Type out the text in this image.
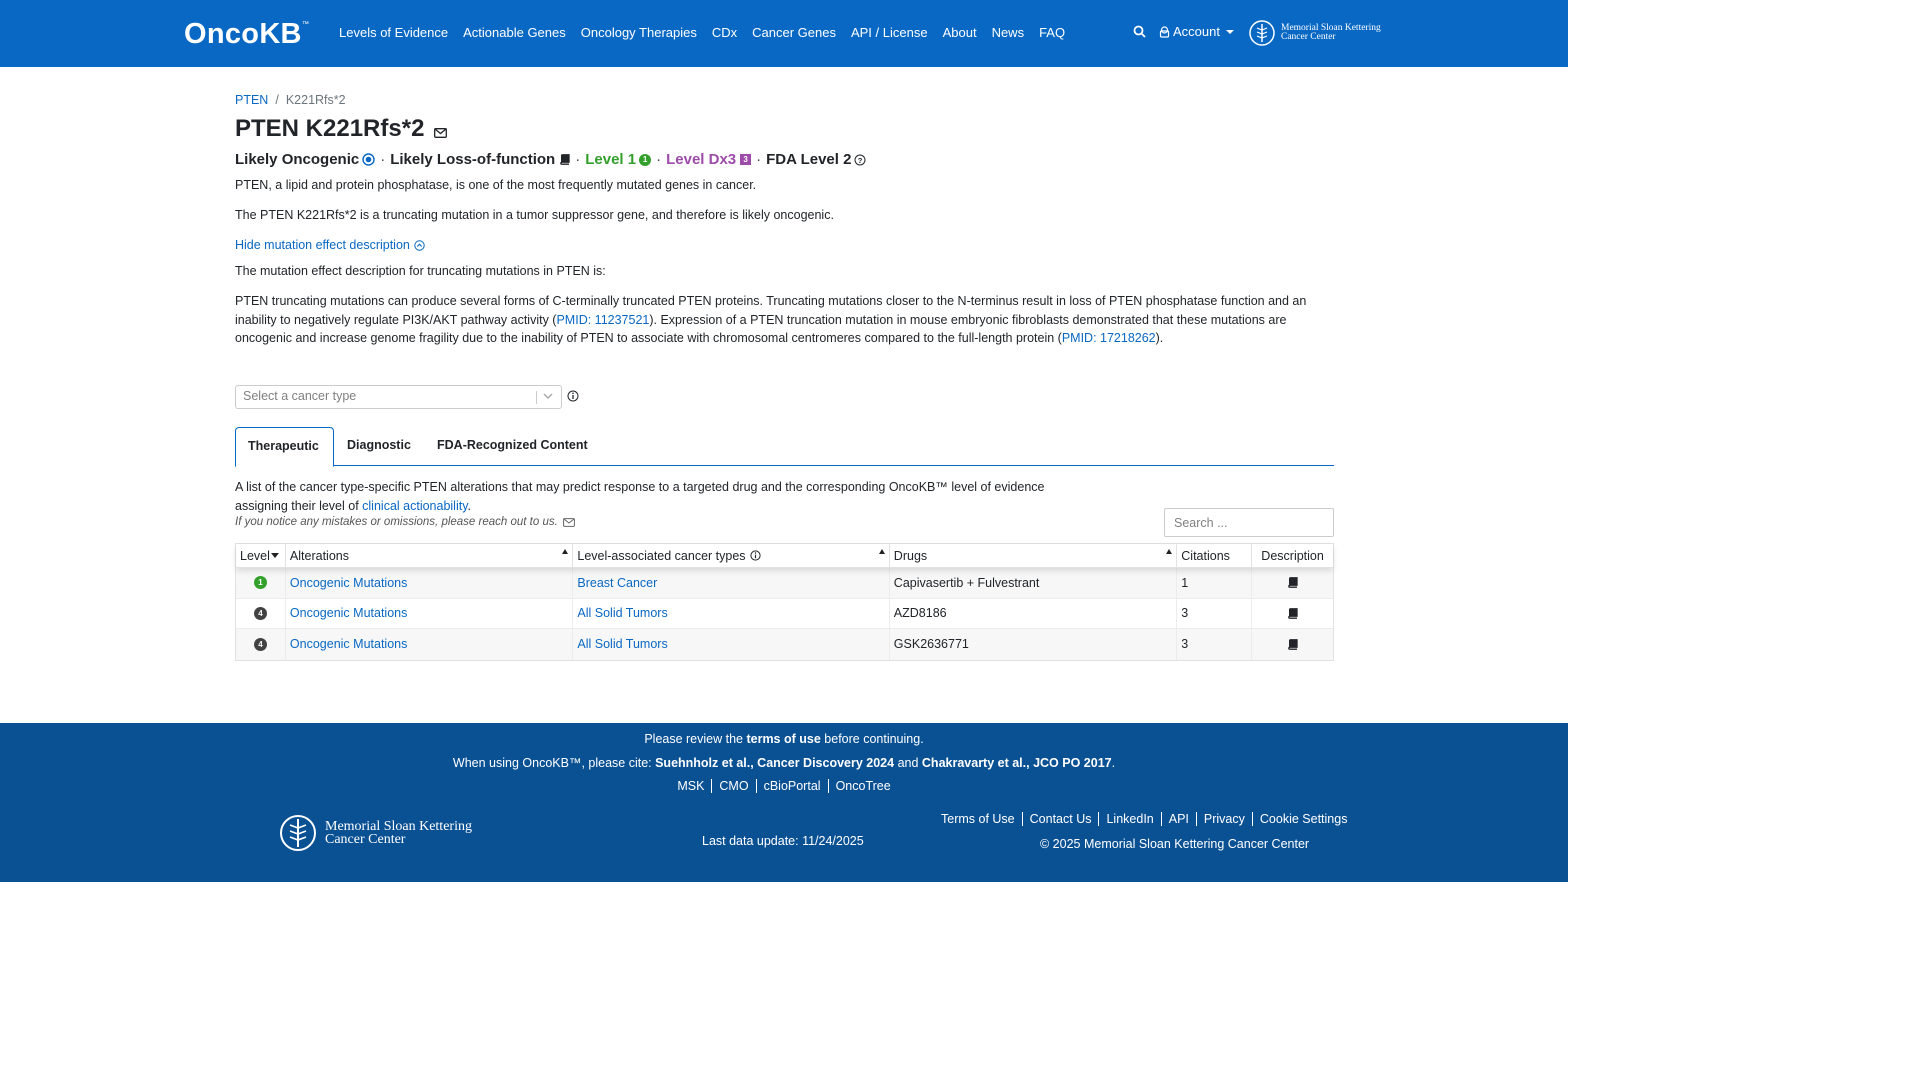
OncoKB™
Levels of Evidence Actionable Genes Oncology Therapies CDx Cancer Genes API / License About News FAQ	Account	Memorial Sloan Kettering
Cancer Center
PTEN / K221Rfs*2
PTEN K221Rfs*2
Likely Oncogenic · Likely Loss-of-function · Level 1 1 · Level Dx3 3 · FDA Level 2 ?
PTEN, a lipid and protein phosphatase, is one of the most frequently mutated genes in cancer.
The PTEN K221Rfs*2 is a truncating mutation in a tumor suppressor gene, and therefore is likely oncogenic.
Hide mutation effect description
The mutation effect description for truncating mutations in PTEN is:
PTEN truncating mutations can produce several forms of C-terminally truncated PTEN proteins. Truncating mutations closer to the N-terminus result in loss of PTEN phosphatase function and an inability to negatively regulate PI3K/AKT pathway activity (PMID: 11237521). Expression of a PTEN truncation mutation in mouse embryonic fibroblasts demonstrated that these mutations are oncogenic and increase genome fragility due to the inability of PTEN to associate with chromosomal centromeres compared to the full-length protein (PMID: 17218262).
Select a cancer type
Therapeutic	Diagnostic	FDA-Recognized Content
A list of the cancer type-specific PTEN alterations that may predict response to a targeted drug and the corresponding OncoKB™ level of evidence assigning their level of clinical actionability.
If you notice any mistakes or omissions, please reach out to us.
Search ...
Level Alterations	Level-associated cancer types	Drugs	Citations	Description
1	Oncogenic Mutations	Breast Cancer	Capivasertib + Fulvestrant	1
4	Oncogenic Mutations	All Solid Tumors	AZD8186	3
4	Oncogenic Mutations	All Solid Tumors	GSK2636771	3
Please review the terms of use before continuing.
When using OncoKB™, please cite: Suehnholz et al., Cancer Discovery 2024 and Chakravarty et al., JCO PO 2017.
MSK	CMO	cBioPortal	OncoTree
Memorial Sloan Kettering
Cancer Center	Last data update: 11/24/2025
Terms of Use	Contact Us	LinkedIn	API	Privacy	Cookie Settings
© 2025 Memorial Sloan Kettering Cancer Center
